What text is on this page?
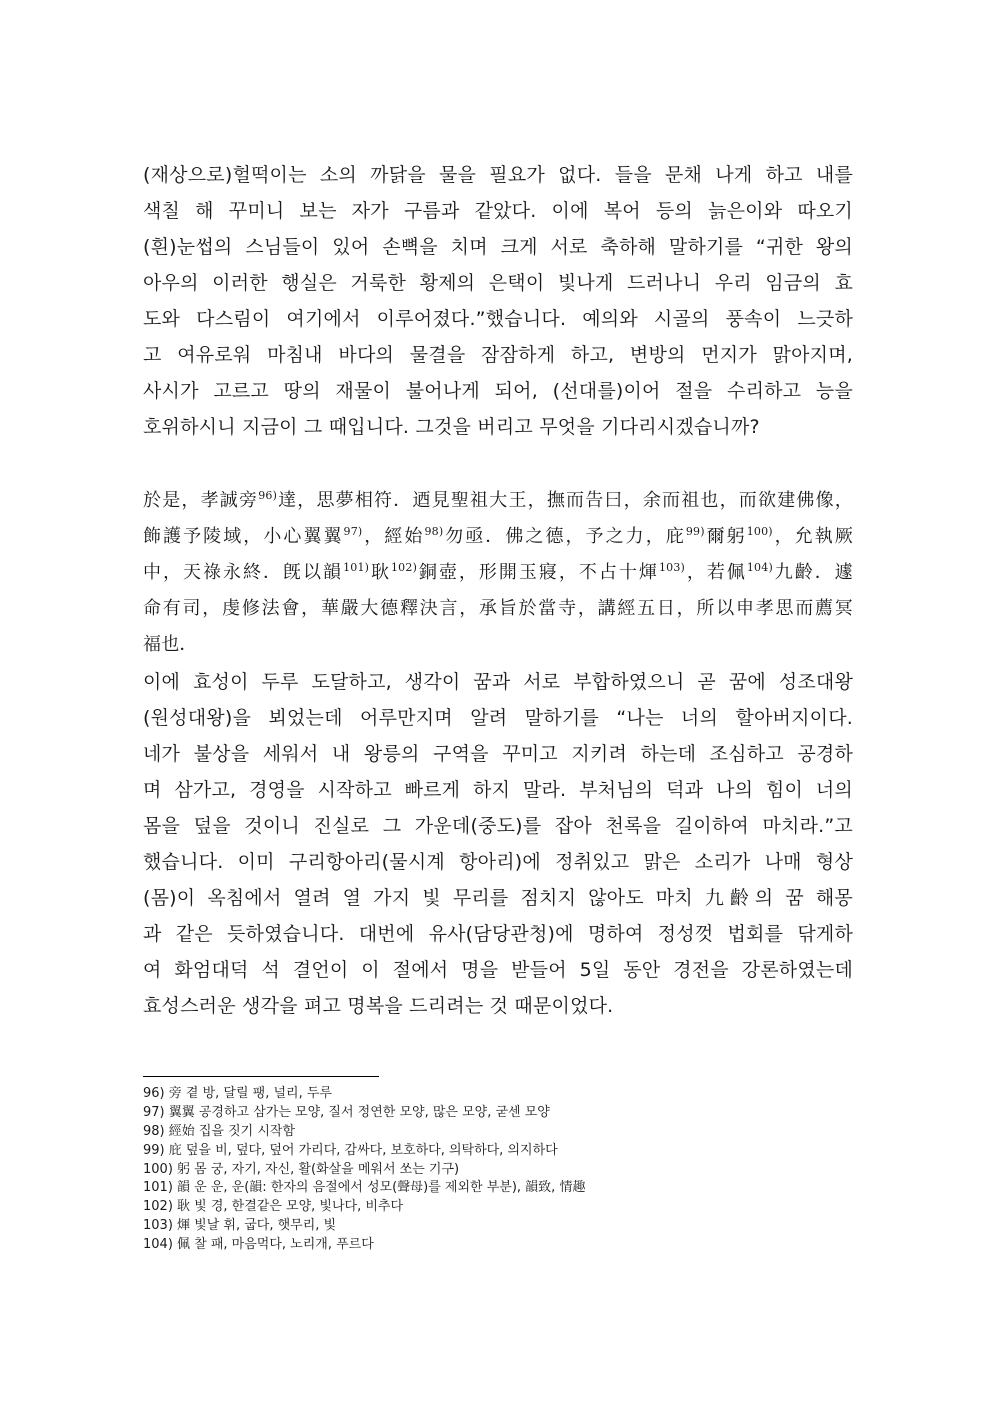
(재상으로)헐떡이는 소의 까닭을 물을 필요가 없다. 들을 문채 나게 하고 내를
색칠 해 꾸미니 보는 자가 구름과 같았다. 이에 복어 등의 늙은이와 따오기
(흰)눈썹의 스님들이 있어 손뼉을 치며 크게 서로 축하해 말하기를 “귀한 왕의
아우의 이러한 행실은 거룩한 황제의 은택이 빛나게 드러나니 우리 임금의 효
도와 다스림이 여기에서 이루어졌다.”했습니다. 예의와 시골의 풍속이 느긋하
고 여유로워 마침내 바다의 물결을 잠잠하게 하고, 변방의 먼지가 맑아지며,
사시가 고르고 땅의 재물이 불어나게 되어, (선대를)이어 절을 수리하고 능을
호위하시니 지금이 그 때입니다. 그것을 버리고 무엇을 기다리시겠습니까?
於是，孝誠旁$^{96)}$達，思夢相符．迺見聖祖大王，撫而告曰，余而祖也，而欲建佛像，
飾護予陵域，小心翼翼$^{97)}$，經始$^{98)}$勿亟．佛之德，予之力，庇$^{99)}$爾躬$^{100)}$，允執厥
中，天祿永終．旣以韻$^{101)}$耿$^{102)}$銅壺，形開玉寢，不占十煇$^{103)}$，若佩$^{104)}$九齡．遽
命有司，虔修法會，華嚴大德釋決言，承旨於當寺，講經五日，所以申孝思而薦冥
福也．
이에 효성이 두루 도달하고, 생각이 꿈과 서로 부합하였으니 곧 꿈에 성조대왕
(원성대왕)을 뵈었는데 어루만지며 알려 말하기를 “나는 너의 할아버지이다.
네가 불상을 세워서 내 왕릉의 구역을 꾸미고 지키려 하는데 조심하고 공경하
며 삼가고, 경영을 시작하고 빠르게 하지 말라. 부처님의 덕과 나의 힘이 너의
몸을 덮을 것이니 진실로 그 가운데(중도)를 잡아 천록을 길이하여 마치라.”고
했습니다. 이미 구리항아리(물시계 항아리)에 정취있고 맑은 소리가 나매 형상
(몸)이 옥침에서 열려 열 가지 빛 무리를 점치지 않아도 마치 九齡의 꿈 해몽
과 같은 듯하였습니다. 대번에 유사(담당관청)에 명하여 정성껏 법회를 닦게하
여 화엄대덕 석 결언이 이 절에서 명을 받들어 5일 동안 경전을 강론하였는데
효성스러운 생각을 펴고 명복을 드리려는 것 때문이었다.
96) 旁 곁 방, 달릴 팽, 널리, 두루
97) 翼翼 공경하고 삼가는 모양, 질서 정연한 모양, 많은 모양, 굳센 모양
98) 經始 집을 짓기 시작함
99) 庇 덮을 비, 덮다, 덮어 가리다, 감싸다, 보호하다, 의탁하다, 의지하다
100) 躬 몸 궁, 자기, 자신, 활(화살을 메워서 쏘는 기구)
101) 韻 운 운, 운(韻: 한자의 음절에서 성모(聲母)를 제외한 부분), 韻致, 情趣
102) 耿 빛 경, 한결같은 모양, 빛나다, 비추다
103) 煇 빛날 휘, 굽다, 햇무리, 빛
104) 佩 찰 패, 마음먹다, 노리개, 푸르다
